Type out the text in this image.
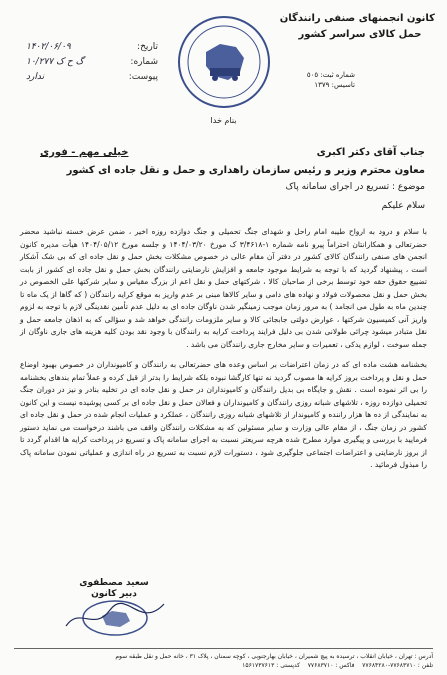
کانون انجمنهای صنفی رانندگان
حمل کالای سراسر کشور
شماره ثبت: ٥٠٥
تاسیس: ١٣٧٩
۱۴۰۲/۰۶/۰۹	تاریخ:
۱۰/۲۷۷ گ ح ک	شماره:
ندارد	پیوست:
بنام خدا
جناب آقای دکتر اکبری
خیلی مهم - فوری
معاون محترم وزیر و رئیس سازمان راهداری و حمل و نقل جاده ای کشور
موضوع : تسریع در اجرای سامانه پاک
سلام علیکم

با سلام و درود به ارواح طیبه امام راحل و شهدای جنگ تحمیلی و جنگ دوازده روزه اخیر ، ضمن عرض خسته نباشید محضر حضرتعالی و همکارانتان احتراماً پیرو نامه شماره ۱-۳/۴۶۱۸ ک مورخ ۱۴۰۴/۰۳/۲۰ و جلسه مورخ ۱۴۰۴/۰۵/۱۲ هیأت مدیره کانون انجمن های صنفی رانندگان کالای کشور در دفتر آن مقام عالی در خصوص مشکلات بخش حمل و نقل جاده ای که بی شک آشکار است ، پیشنهاد گردید که با توجه به شرایط موجود جامعه و افزایش نارضایتی رانندگان بخش حمل و نقل جاده ای کشور از بابت تضییع حقوق حقه خود توسط برخی از صاحبان کالا ، شرکتهای حمل و نقل اعم از بزرگ مقیاس و سایر شرکتها علی الخصوص در بخش حمل و نقل محصولات فولاد و نهاده های دامی و سایر کالاها مبنی بر عدم واریز به موقع کرایه رانندگان ( که گاها از یک ماه تا چندین ماه به طول می انجامد ) به مرور زمان موجب زمینگیر شدن ناوگان جاده ای به دلیل عدم تأمین نقدینگی لازم با توجه به لزوم واریز آنی کمیسیون شرکتها ، عوارض دولتی جابجائی کالا و سایر ملزومات رانندگی خواهد شد و سؤالی که به اذهان جامعه حمل و نقل متبادر میشود چرائی طولانی شدن بی دلیل فرایند پرداخت کرایه به رانندگان با وجود نقد بودن کلیه هزینه های جاری ناوگان از جمله سوخت ، لوازم یدکی ، تعمیرات و سایر مخارج جاری رانندگان می باشد .

بخشنامه هشت ماده ای که در زمان اعتراضات بر اساس وعده های حضرتعالی به رانندگان و کامیونداران در خصوص بهبود اوضاع حمل و نقل و پرداخت بروز کرایه ها مصوب گردید نه تنها کارگشا نبوده بلکه شرایط را بدتر از قبل کرده و عملاً تمام بندهای بخشنامه را بی اثر نموده است . نقش و جایگاه بی بدیل رانندگان و کامیونداران در حمل و نقل جاده ای در تخلیه بنادر و نیز در دوران جنگ تحمیلی دوازده روزه ، تلاشهای شبانه روزی رانندگان و کامیونداران و فعالان حمل و نقل جاده ای بر کسی پوشیده نیست و این کانون به نمایندگی از ده ها هزار راننده و کامیوندار از تلاشهای شبانه روزی رانندگان ، عملکرد و عملیات انجام شده در حمل و نقل جاده ای کشور در زمان جنگ ، از مقام عالی وزارت و سایر مسئولین که به مشکلات رانندگان واقف می باشند درخواست می نماید دستور فرمایید با بررسی و پیگیری موارد مطرح شده هرچه سریعتر نسبت به اجرای سامانه پاک و تسریع در پرداخت کرایه ها اقدام گردد تا از بروز نارضایتی و اعتراضات اجتماعی جلوگیری شود ، دستورات لازم نسبت به تسریع در راه اندازی و عملیاتی نمودن سامانه پاک را مبذول فرمائید .

سعید مصطفوی
دبیر کانون
آدرس : تهران ، خیابان انقلاب ، ترسیده به پیچ شمیران ، خیابان بهارجنوبی ، کوچه سمنان ، پلاک ۳۱ ، خانه حمل و نقل طبقه سوم
تلفن : ۷۷۶۸۳۷۱۰-۷۷۶۸۴۲۸۰    فاکس : ۷۷۶۸۳۷۱۰    کدپستی : ۱۵۶۱۷۳۷۶۱۳
